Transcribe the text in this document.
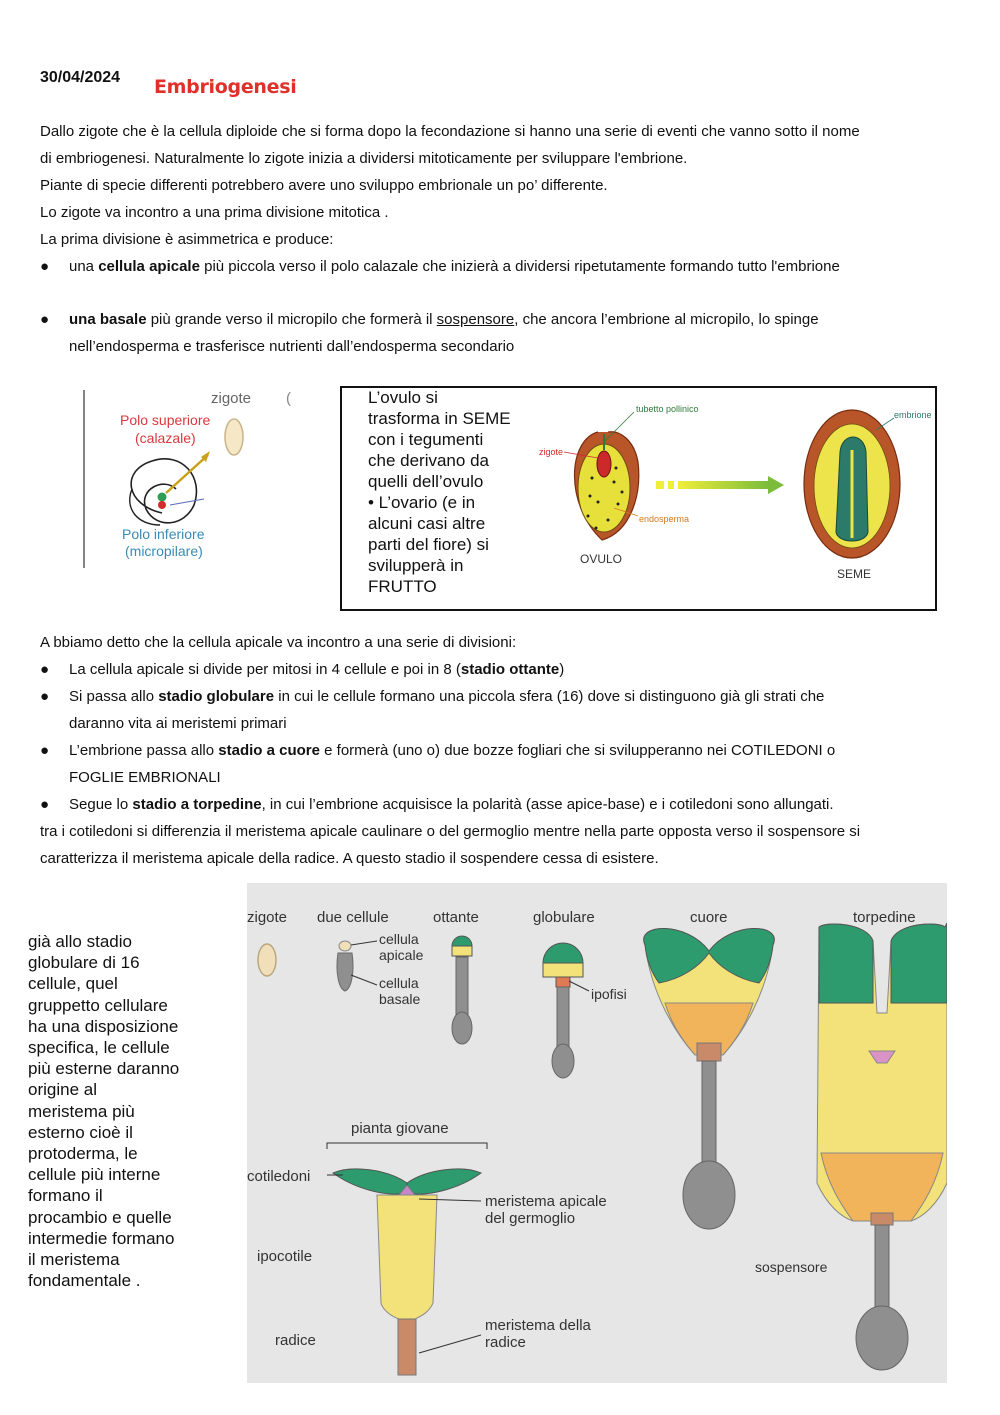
30/04/2024 Embriogenesi
Dallo zigote che è la cellula diploide che si forma dopo la fecondazione si hanno una serie di eventi che vanno sotto il nome
di embriogenesi. Naturalmente lo zigote inizia a dividersi mitoticamente per sviluppare l'embrione.
Piante di specie differenti potrebbero avere uno sviluppo embrionale un po’ differente.
Lo zigote va incontro a una prima divisione mitotica .
La prima divisione è asimmetrica e produce:
● una cellula apicale più piccola verso il polo calazale che inizierà a dividersi ripetutamente formando tutto l'embrione
● una basale più grande verso il micropilo che formerà il sospensore, che ancora l’embrione al micropilo, lo spinge
nell’endosperma e trasferisce nutrienti dall’endosperma secondario
zigote (
Polo superiore
(calazale)
Polo inferiore
(micropilare)
L’ovulo si
trasforma in SEME
con i tegumenti
che derivano da
quelli dell’ovulo
• L’ovario (e in
alcuni casi altre
parti del fiore) si
svilupperà in
FRUTTO
tubetto pollinico
zigote
endosperma
OVULO
embrione
SEME
A bbiamo detto che la cellula apicale va incontro a una serie di divisioni:
● La cellula apicale si divide per mitosi in 4 cellule e poi in 8 (stadio ottante)
● Si passa allo stadio globulare in cui le cellule formano una piccola sfera (16) dove si distinguono già gli strati che
daranno vita ai meristemi primari
● L’embrione passa allo stadio a cuore e formerà (uno o) due bozze fogliari che si svilupperanno nei COTILEDONI o
FOGLIE EMBRIONALI
● Segue lo stadio a torpedine, in cui l’embrione acquisisce la polarità (asse apice-base) e i cotiledoni sono allungati.
tra i cotiledoni si differenzia il meristema apicale caulinare o del germoglio mentre nella parte opposta verso il sospensore si
caratterizza il meristema apicale della radice. A questo stadio il sospendere cessa di esistere.
già allo stadio
globulare di 16
cellule, quel
gruppetto cellulare
ha una disposizione
specifica, le cellule
più esterne daranno
origine al
meristema più
esterno cioè il
protoderma, le
cellule più interne
formano il
procambio e quelle
intermedie formano
il meristema
fondamentale .
zigote due cellule	ottante	globulare	cuore	torpedine
cellula
apicale
cellula
basale	ipofisi
sospensore
pianta giovane
cotiledoni
ipocotile
radice
meristema apicale
del germoglio
meristema della
radice
